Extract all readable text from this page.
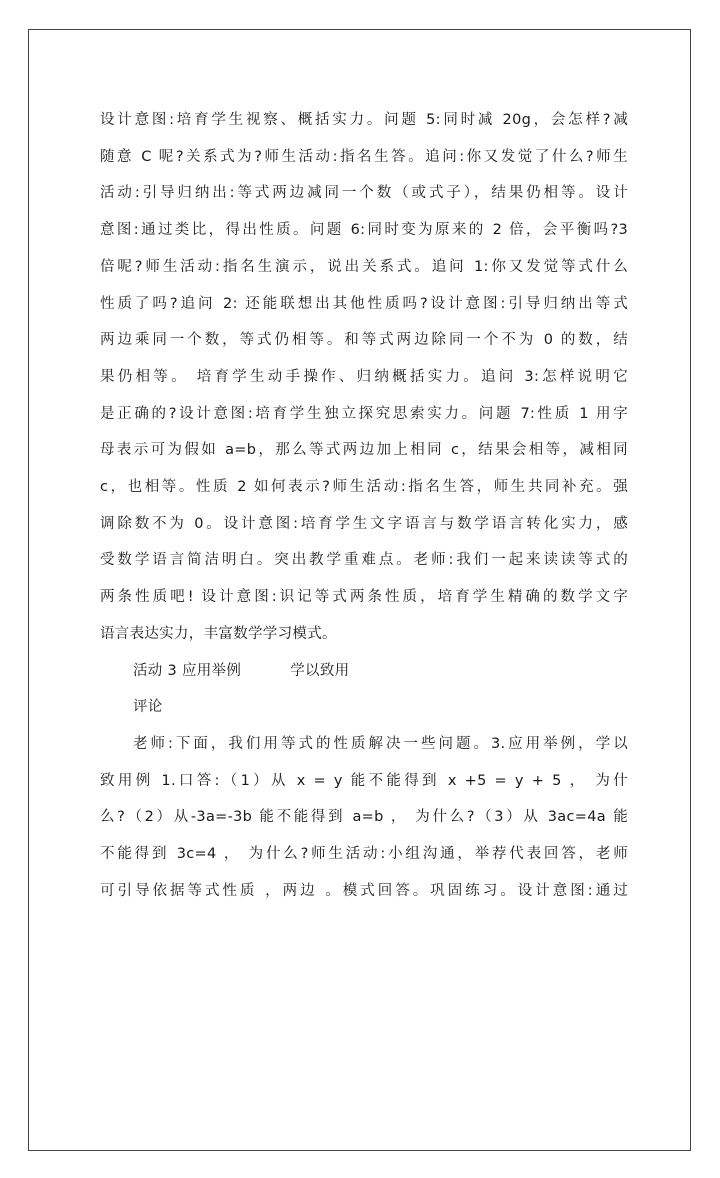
设计意图:培育学生视察、概括实力。问题 5:同时减 20g，会怎样?减
随意 C 呢?关系式为?师生活动:指名生答。追问:你又发觉了什么?师生
活动:引导归纳出:等式两边减同一个数（或式子），结果仍相等。设计
意图:通过类比，得出性质。问题 6:同时变为原来的 2 倍，会平衡吗?3
倍呢?师生活动:指名生演示，说出关系式。追问 1:你又发觉等式什么
性质了吗?追问 2: 还能联想出其他性质吗?设计意图:引导归纳出等式
两边乘同一个数，等式仍相等。和等式两边除同一个不为 0 的数，结
果仍相等。 培育学生动手操作、归纳概括实力。追问 3:怎样说明它
是正确的?设计意图:培育学生独立探究思索实力。问题 7:性质 1 用字
母表示可为假如 a=b，那么等式两边加上相同 c，结果会相等，减相同
c，也相等。性质 2 如何表示?师生活动:指名生答，师生共同补充。强
调除数不为 0。设计意图:培育学生文字语言与数学语言转化实力，感
受数学语言简洁明白。突出教学重难点。老师:我们一起来读读等式的
两条性质吧! 设计意图:识记等式两条性质，培育学生精确的数学文字
语言表达实力，丰富数学学习模式。

活动 3 应用举例          学以致用
评论

老师:下面，我们用等式的性质解决一些问题。3.应用举例，学以
致用例 1.口答:（1）从 x = y 能不能得到 x +5 = y + 5 ， 为什
么?（2）从-3a=-3b 能不能得到 a=b ， 为什么?（3）从 3ac=4a 能
不能得到 3c=4 ， 为什么?师生活动:小组沟通，举荐代表回答，老师
可引导依据等式性质 ，两边 。模式回答。巩固练习。设计意图:通过
